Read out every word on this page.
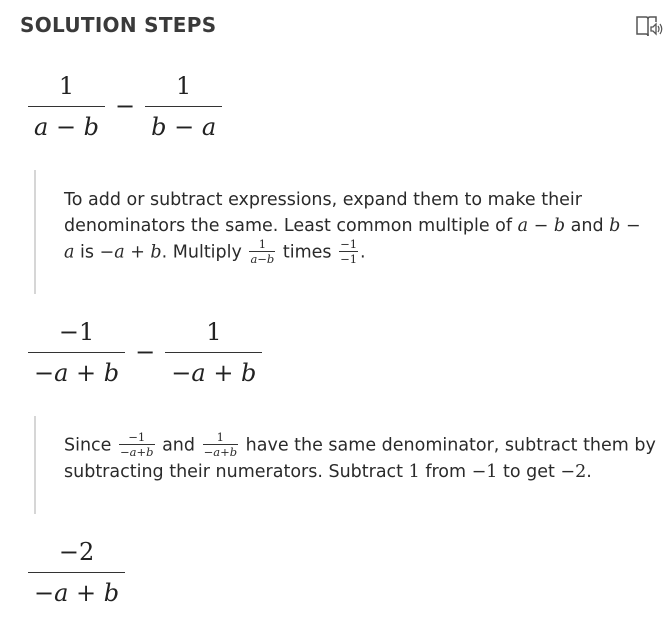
SOLUTION STEPS
$\frac{1}{a - b} - \frac{1}{b - a}$

To add or subtract expressions, expand them to make their denominators the same. Least common multiple of a − b and b − a is −a + b. Multiply $\frac{1}{a-b}$ times $\frac{-1}{-1}$ .

$\frac{-1}{-a + b} - \frac{1}{-a + b}$

Since $\frac{-1}{-a+b}$ and $\frac{1}{-a+b}$ have the same denominator, subtract them by subtracting their numerators. Subtract 1 from −1 to get −2.

$\frac{-2}{-a + b}$
